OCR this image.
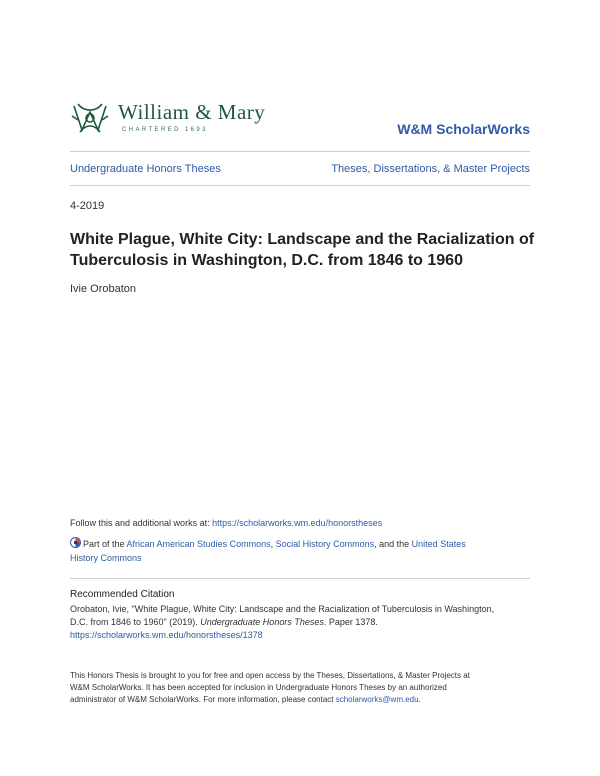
William & Mary
CHARTERED 1693	W&M ScholarWorks
Undergraduate Honors Theses	Theses, Dissertations, & Master Projects
4-2019
White Plague, White City: Landscape and the Racialization of
Tuberculosis in Washington, D.C. from 1846 to 1960
Ivie Orobaton
Follow this and additional works at: https://scholarworks.wm.edu/honorstheses
Part of the African American Studies Commons, Social History Commons, and the United States
History Commons
Recommended Citation
Orobaton, Ivie, "White Plague, White City: Landscape and the Racialization of Tuberculosis in Washington,
D.C. from 1846 to 1960" (2019). Undergraduate Honors Theses. Paper 1378.
https://scholarworks.wm.edu/honorstheses/1378
This Honors Thesis is brought to you for free and open access by the Theses, Dissertations, & Master Projects at
W&M ScholarWorks. It has been accepted for inclusion in Undergraduate Honors Theses by an authorized
administrator of W&M ScholarWorks. For more information, please contact scholarworks@wm.edu.
